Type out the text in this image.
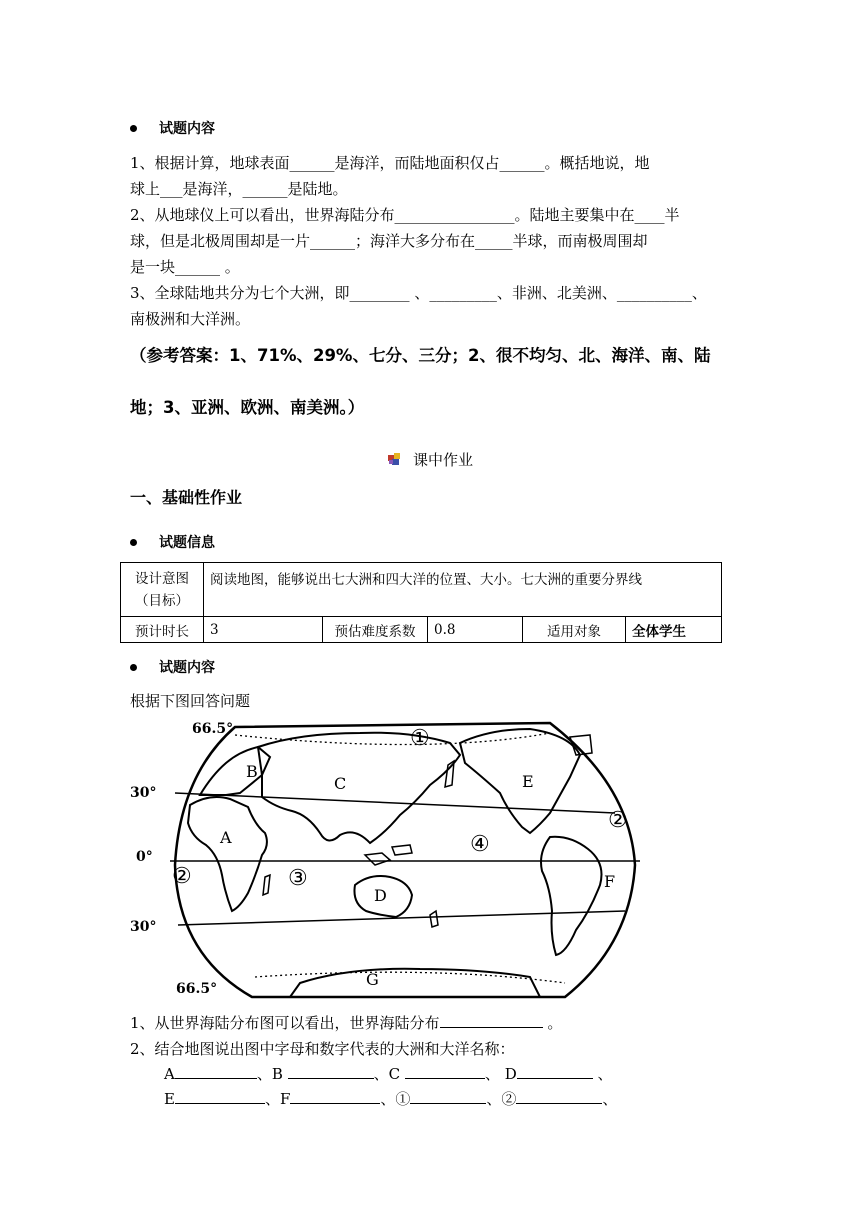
试题内容
1、根据计算，地球表面______是海洋，而陆地面积仅占______。概括地说，地
球上___是海洋，______是陆地。
2、从地球仪上可以看出，世界海陆分布________________。陆地主要集中在____半
球，但是北极周围却是一片______；海洋大多分布在_____半球，而南极周围却
是一块______ 。
3、全球陆地共分为七个大洲，即________ 、_________、非洲、北美洲、__________、
南极洲和大洋洲。
（参考答案：1、71%、29%、七分、三分；2、很不均匀、北、海洋、南、陆
地；3、亚洲、欧洲、南美洲。）
课中作业
一、基础性作业
试题信息
设计意图
（目标）	阅读地图，能够说出七大洲和四大洋的位置、大小。七大洲的重要分界线				
预计时长	3	预估难度系数	0.8	适用对象	全体学生
试题内容
根据下图回答问题
66.5°
30°
0°
30°
66.5°
A
B
C
D
E
F
G
①
②	③
④
②
1、从世界海陆分布图可以看出，世界海陆分布	。
2、结合地图说出图中字母和数字代表的大洲和大洋名称：
A	、B	、C	、 D	、
E	、F	、①	、②	、
